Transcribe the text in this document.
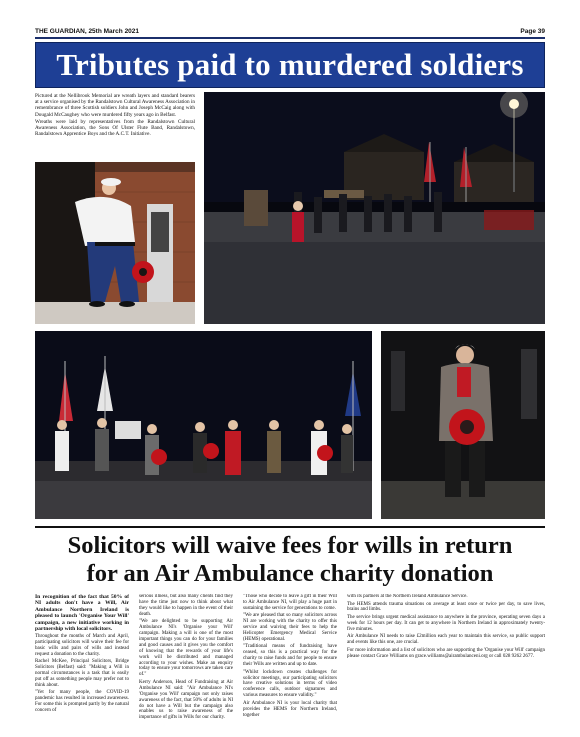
THE GUARDIAN, 25th March 2021	Page 39
Tributes paid to murdered soldiers

Pictured at the Nellibrook Memorial are wreath layers and standard bearers at a service organised by the Randalstown Cultural Awareness Association in remembrance of three Scottish soldiers John and Joseph McCaig along with Dougald McCaughey who were murdered fifty years ago in Belfast.

Wreaths were laid by representatives from the Randalstown Cultural Awareness Association, the Sons Of Ulster Flute Band, Randalstown, Randalstown Apprentice Boys and the A.C.T. Initiative.

Solicitors will waive fees for wills in return
for an Air Ambulance charity donation

In recognition of the fact that 50% of NI adults don't have a Will, Air Ambulance Northern Ireland is pleased to launch 'Organise Your Will' campaign, a new initiative working in partnership with local solicitors.

Throughout the months of March and April, participating solicitors will waive their fee for basic wills and pairs of wills and instead request a donation to the charity.

Rachel McKee, Principal Solicitors, Bridge Solicitors (Belfast) said: "Making a Will in normal circumstances is a task that is easily put off as something people may prefer not to think about.

"Yet for many people, the COVID-19 pandemic has resulted in increased awareness. For some this is prompted partly by the natural concern of

serious illness, but also many clients find they have the time just now to think about what they would like to happen in the event of their death.

"We are delighted to be supporting Air Ambulance NI's 'Organise your Will' campaign. Making a will is one of the most important things you can do for your families and good causes and it gives you the comfort of knowing that the rewards of your life's work will be distributed and managed according to your wishes. Make an enquiry today to ensure your tomorrows are taken care of."

Kerry Anderson, Head of Fundraising at Air Ambulance NI said: "Air Ambulance NI's 'Organise you Will' campaign not only raises awareness of the fact, that 50% of adults in NI do not have a Will but the campaign also enables us to raise awareness of the importance of gifts in Wills for our charity.

"Those who decide to leave a gift in their Will to Air Ambulance NI, will play a huge part in sustaining the service for generations to come.

"We are pleased that so many solicitors across NI are working with the charity to offer this service and waiving their fees to help the Helicopter Emergency Medical Service (HEMS) operational.

"Traditional means of fundraising have ceased, so this is a practical way for the charity to raise funds and for people to ensure their Wills are written and up to date.

"Whilst lockdown creates challenges for solicitor meetings, our participating solicitors have creative solutions in terms of video conference calls, outdoor signatures and various measures to ensure validity."

Air Ambulance NI is your local charity that provides the HEMS for Northern Ireland, together

with its partners at the Northern Ireland Ambulance Service.

The HEMS attends trauma situations on average at least once or twice per day, to save lives, brains and limbs.

The service brings urgent medical assistance to anywhere in the province, operating seven days a week for 12 hours per day. It can get to anywhere in Northern Ireland in approximately twenty-five minutes.

Air Ambulance NI needs to raise £2million each year to maintain this service, so public support and events like this one, are crucial.

For more information and a list of solicitors who are supporting the 'Organise your Will' campaign please contact Grace Williams on grace.williams@airambulanceni.org or call 028 9262 2677.
